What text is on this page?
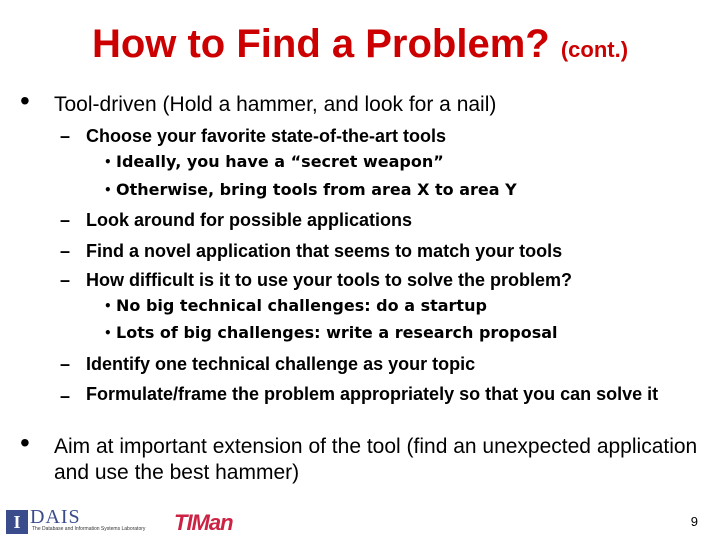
How to Find a Problem? (cont.)
• Tool-driven (Hold a hammer, and look for a nail)
– Choose your favorite state-of-the-art tools
• Ideally, you have a “secret weapon”
• Otherwise, bring tools from area X to area Y
– Look around for possible applications
– Find a novel application that seems to match your tools
– How difficult is it to use your tools to solve the problem?
• No big technical challenges: do a startup
• Lots of big challenges: write a research proposal
– Identify one technical challenge as your topic
– Formulate/frame the problem appropriately so that you can solve it
• Aim at important extension of the tool (find an unexpected application and use the best hammer)
I DAIS
The Database and Information Systems Laboratory TIMan	9
